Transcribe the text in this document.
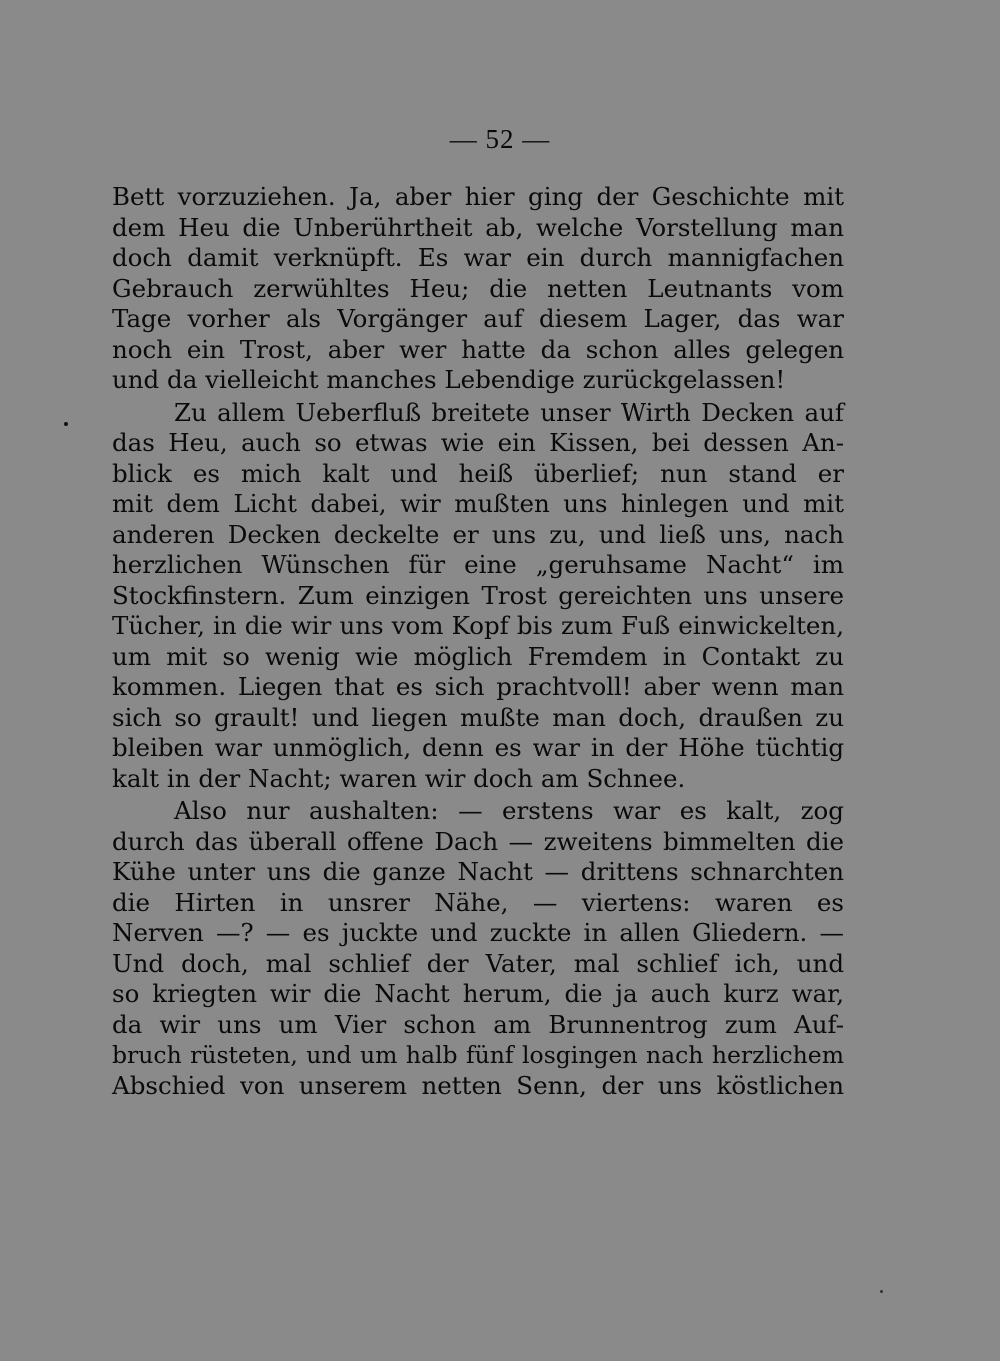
— 52 —
Bett vorzuziehen. Ja, aber hier ging der Geschichte mit
dem Heu die Unberührtheit ab, welche Vorstellung man
doch damit verknüpft. Es war ein durch mannigfachen
Gebrauch zerwühltes Heu; die netten Leutnants vom
Tage vorher als Vorgänger auf diesem Lager, das war
noch ein Trost, aber wer hatte da schon alles gelegen
und da vielleicht manches Lebendige zurückgelassen!
Zu allem Ueberfluß breitete unser Wirth Decken auf
das Heu, auch so etwas wie ein Kissen, bei dessen An-
blick es mich kalt und heiß überlief; nun stand er
mit dem Licht dabei, wir mußten uns hinlegen und mit
anderen Decken deckelte er uns zu, und ließ uns, nach
herzlichen Wünschen für eine „geruhsame Nacht“ im
Stockfinstern. Zum einzigen Trost gereichten uns unsere
Tücher, in die wir uns vom Kopf bis zum Fuß einwickelten,
um mit so wenig wie möglich Fremdem in Contakt zu
kommen. Liegen that es sich prachtvoll! aber wenn man
sich so grault! und liegen mußte man doch, draußen zu
bleiben war unmöglich, denn es war in der Höhe tüchtig
kalt in der Nacht; waren wir doch am Schnee.
Also nur aushalten: — erstens war es kalt, zog
durch das überall offene Dach — zweitens bimmelten die
Kühe unter uns die ganze Nacht — drittens schnarchten
die Hirten in unsrer Nähe, — viertens: waren es
Nerven —? — es juckte und zuckte in allen Gliedern. —
Und doch, mal schlief der Vater, mal schlief ich, und
so kriegten wir die Nacht herum, die ja auch kurz war,
da wir uns um Vier schon am Brunnentrog zum Auf-
bruch rüsteten, und um halb fünf losgingen nach herzlichem
Abschied von unserem netten Senn, der uns köstlichen
